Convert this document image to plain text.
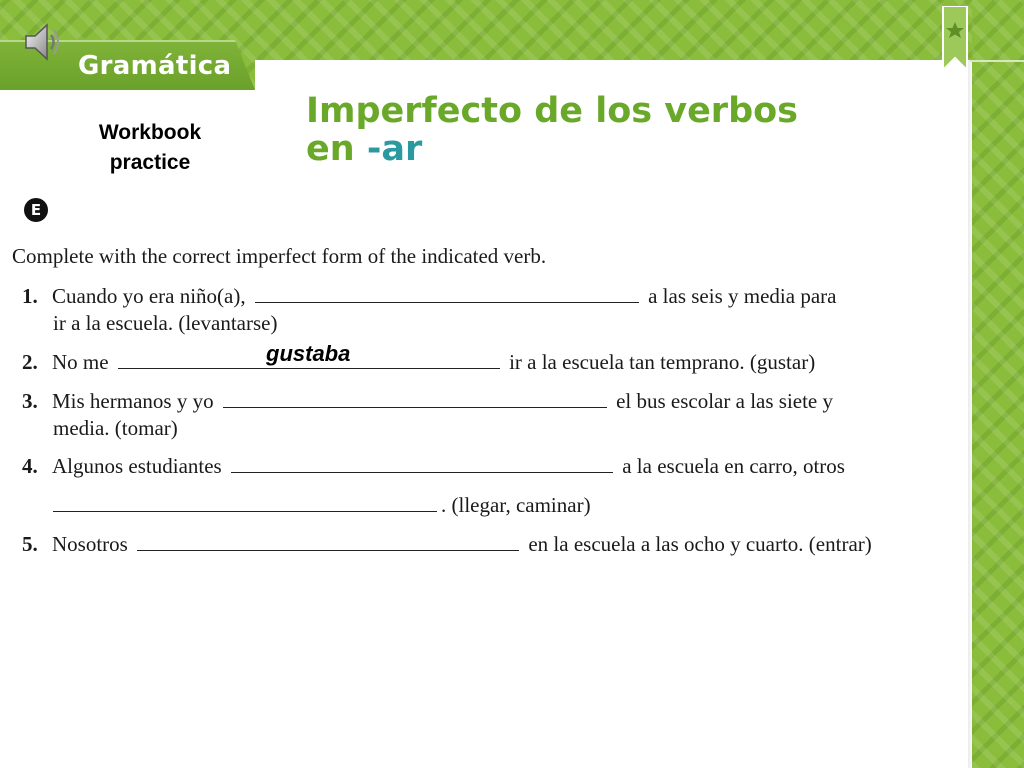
Gramática
Workbook
practice
Imperfecto de los verbos
en -ar
E
Complete with the correct imperfect form of the indicated verb.
1. Cuando yo era niño(a),	a las seis y media para
ir a la escuela. (levantarse)
2. No me	ir a la escuela tan temprano. (gustar)
gustaba
3. Mis hermanos y yo	el bus escolar a las siete y
media. (tomar)
4. Algunos estudiantes	a la escuela en carro, otros
. (llegar, caminar)
5. Nosotros	en la escuela a las ocho y cuarto. (entrar)
